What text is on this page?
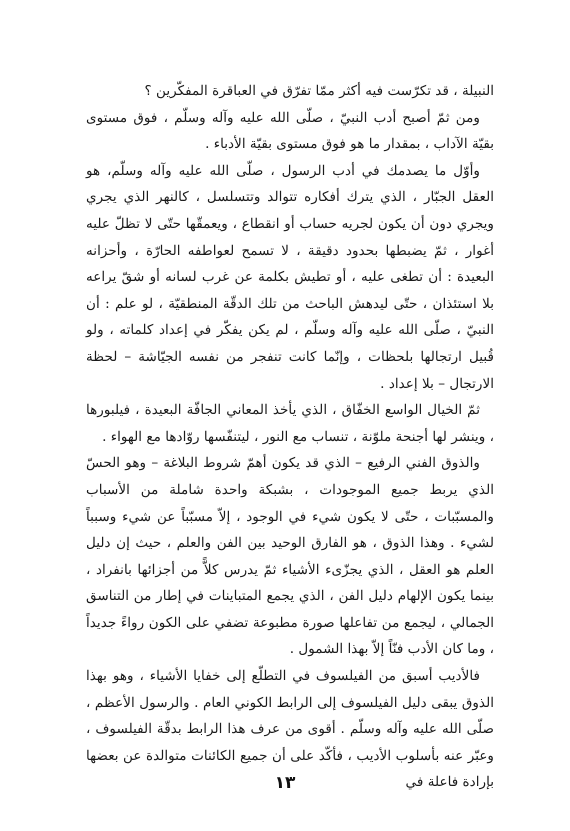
النبيلة ، قد تكرّست فيه أكثر ممّا تفرّق في العباقرة المفكّرين ؟

ومن ثمّ أصبح أدب النبيّ ، صلّى الله عليه وآله وسلّم ، فوق مستوى بقيّة الآداب ، بمقدار ما هو فوق مستوى بقيّة الأدباء .

وأوّل ما يصدمك في أدب الرسول ، صلّى الله عليه وآله وسلّم، هو العقل الجبّار ، الذي يترك أفكاره تتوالد وتتسلسل ، كالنهر الذي يجري ويجري دون أن يكون لجريه حساب أو انقطاع ، ويعمقّها حتّى لا تظلّ عليه أغوار ، ثمّ يضبطها بحدود دقيقة ، لا تسمح لعواطفه الحارّة ، وأحزانه البعيدة : أن تطغى عليه ، أو تطيش بكلمة عن غرب لسانه أو شقّ يراعه بلا استئذان ، حتّى ليدهش الباحث من تلك الدقّة المنطقيّة ، لو علم : أن النبيّ ، صلّى الله عليه وآله وسلّم ، لم يكن يفكّر في إعداد كلماته ، ولو قُبيل ارتجالها بلحظات ، وإنّما كانت تنفجر من نفسه الجيّاشة – لحظة الارتجال – بلا إعداد .

ثمّ الخيال الواسع الخفّاق ، الذي يأخذ المعاني الجافّة البعيدة ، فيلبورها ، وينشر لها أجنحة ملوّنة ، تنساب مع النور ، ليتنفّسها روّادها مع الهواء .

والذوق الفني الرفيع – الذي قد يكون أهمّ شروط البلاغة – وهو الحسّ الذي يربط جميع الموجودات ، بشبكة واحدة شاملة من الأسباب والمسبّبات ، حتّى لا يكون شيء في الوجود ، إلاّ مسبّباً عن شيء وسبباً لشيء . وهذا الذوق ، هو الفارق الوحيد بين الفن والعلم ، حيث إن دليل العلم هو العقل ، الذي يجزّىء الأشياء ثمّ يدرس كلاًّ من أجزائها بانفراد ، بينما يكون الإلهام دليل الفن ، الذي يجمع المتباينات في إطار من التناسق الجمالي ، ليجمع من تفاعلها صورة مطبوعة تضفي على الكون رواءً جديداً ، وما كان الأدب فنّاً إلاّ بهذا الشمول .

فالأديب أسبق من الفيلسوف في التطلّع إلى خفايا الأشياء ، وهو بهذا الذوق يبقى دليل الفيلسوف إلى الرابط الكوني العام . والرسول الأعظم ، صلّى الله عليه وآله وسلّم . أقوى من عرف هذا الرابط بدقّة الفيلسوف ، وعبّر عنه بأسلوب الأديب ، فأكّد على أن جميع الكائنات متوالدة عن بعضها بإرادة فاعلة في

١٣
